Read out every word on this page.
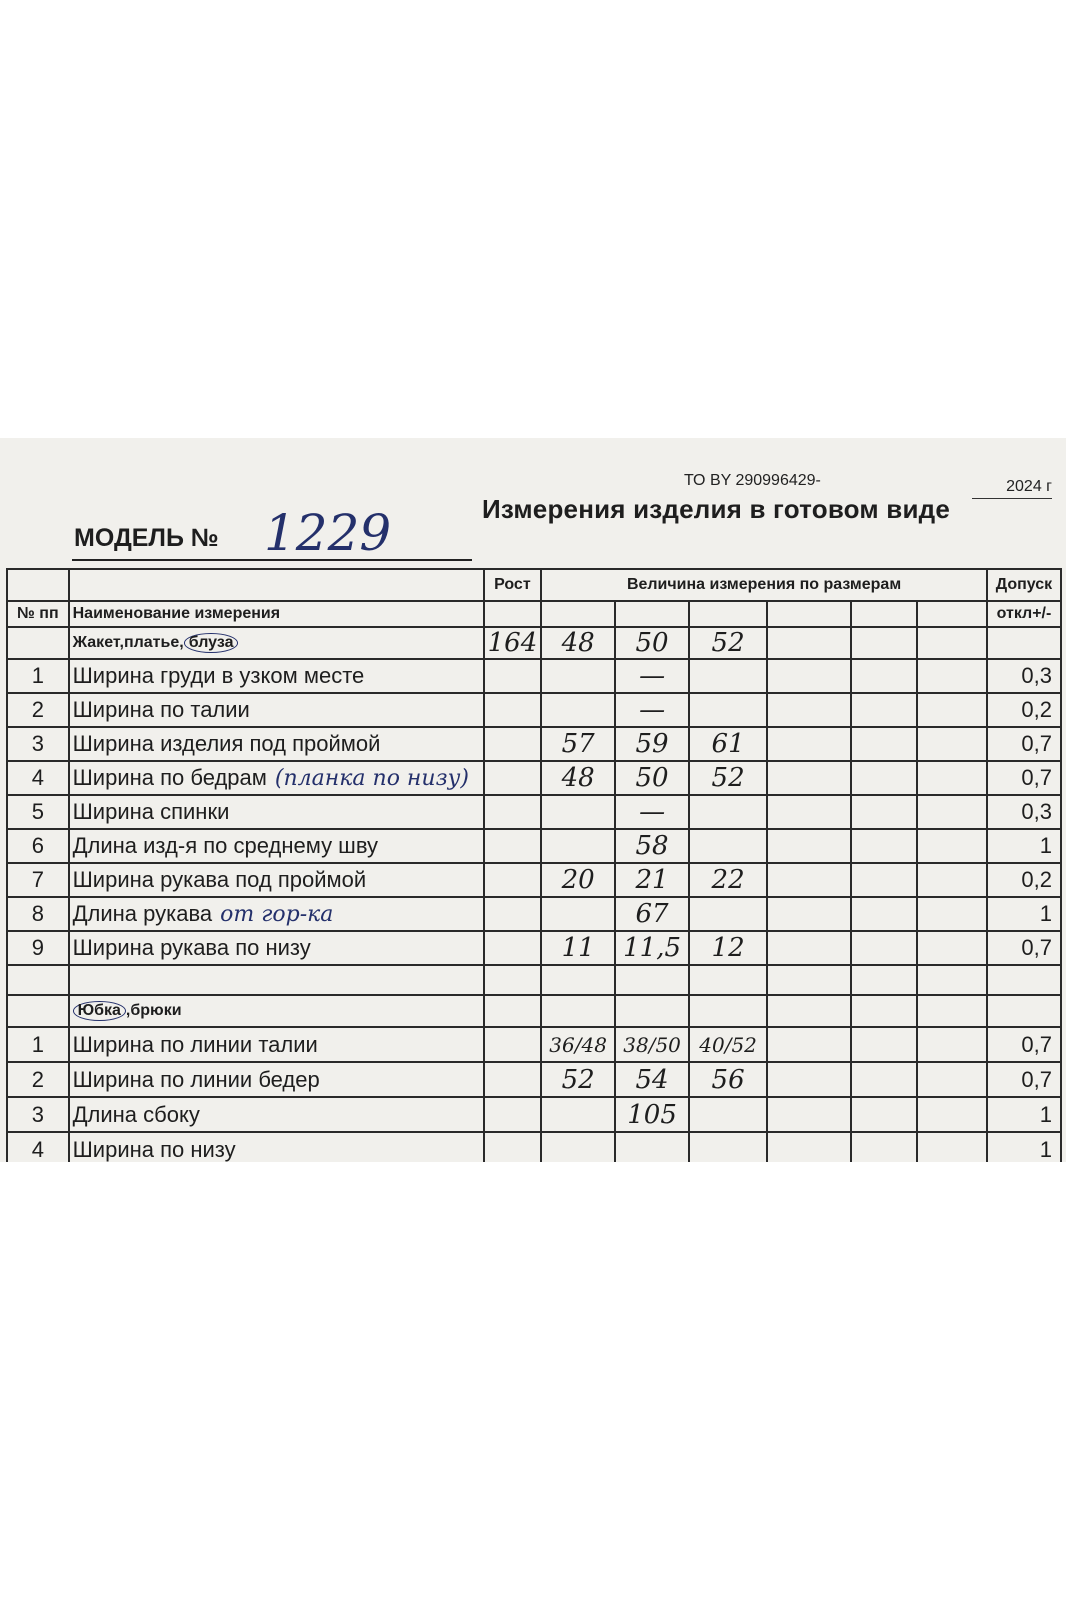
ТО BY 290996429-	2024 г
Измерения изделия в готовом виде
МОДЕЛЬ № 1229
		Рост	Величина измерения по размерам						Допуск
№ пп	Наименование измерения								откл+/-
	Жакет,платье, блуза	164	48	50	52				
1	Ширина груди в узком месте			—					0,3
2	Ширина по талии			—					0,2
3	Ширина изделия под проймой		57	59	61				0,7
4	Ширина по бедрам (планка по низу)		48	50	52				0,7
5	Ширина спинки			—					0,3
6	Длина изд-я по среднему шву			58					1
7	Ширина рукава под проймой		20	21	22				0,2
8	Длина рукава от гор-ка			67					1
9	Ширина рукава по низу		11	11,5	12				0,7

	Юбка ,брюки								
1	Ширина по линии талии		36/48	38/50	40/52				0,7
2	Ширина по линии бедер		52	54	56				0,7
3	Длина сбоку			105					1
4	Ширина по низу								1
